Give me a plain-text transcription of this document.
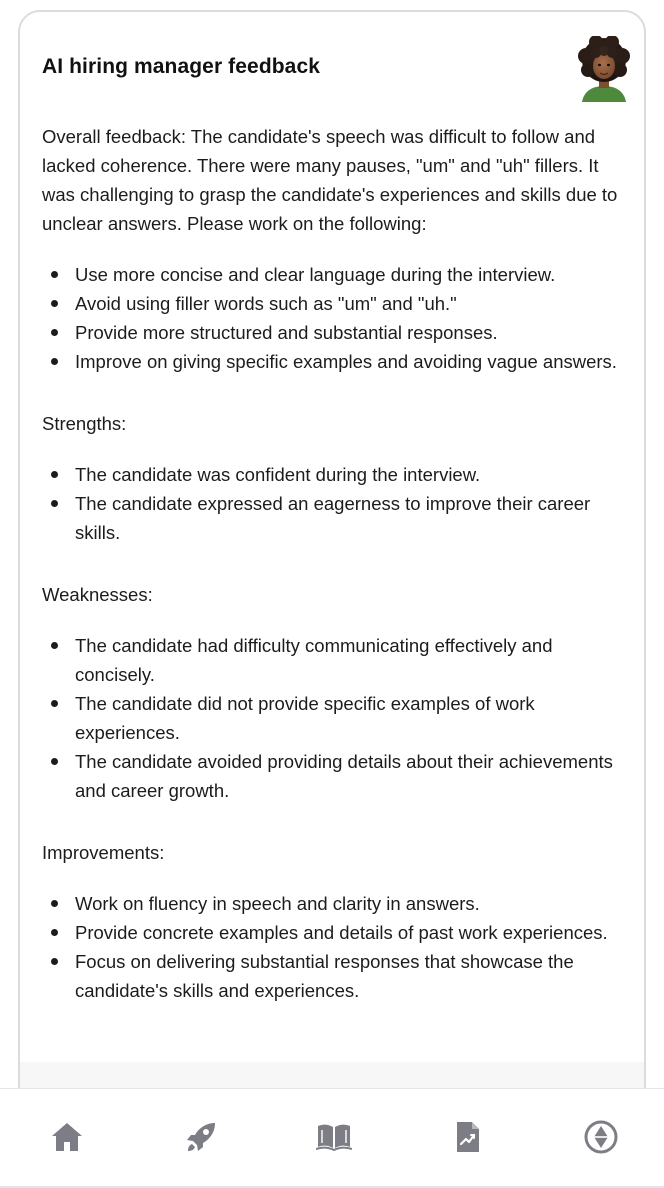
AI hiring manager feedback

Overall feedback: The candidate's speech was difficult to follow and lacked coherence. There were many pauses, "um" and "uh" fillers. It was challenging to grasp the candidate's experiences and skills due to unclear answers. Please work on the following:

Use more concise and clear language during the interview.
Avoid using filler words such as "um" and "uh."
Provide more structured and substantial responses.
Improve on giving specific examples and avoiding vague answers.

Strengths:

The candidate was confident during the interview.
The candidate expressed an eagerness to improve their career skills.

Weaknesses:

The candidate had difficulty communicating effectively and concisely.
The candidate did not provide specific examples of work experiences.
The candidate avoided providing details about their achievements and career growth.

Improvements:

Work on fluency in speech and clarity in answers.
Provide concrete examples and details of past work experiences.
Focus on delivering substantial responses that showcase the candidate's skills and experiences.
